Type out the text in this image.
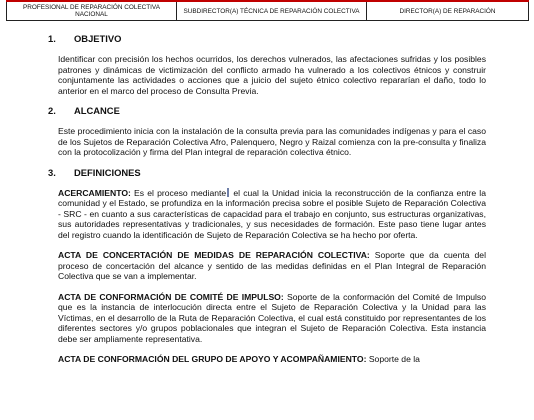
PROFESIONAL DE REPARACIÓN COLECTIVA NACIONAL	SUBDIRECTOR(A) TÉCNICA DE REPARACIÓN COLECTIVA	DIRECTOR(A) DE REPARACIÓN
1. OBJETIVO

Identificar con precisión los hechos ocurridos, los derechos vulnerados, las afectaciones sufridas y los posibles patrones y dinámicas de victimización del conflicto armado ha vulnerado a los colectivos étnicos y construir conjuntamente las actividades o acciones que a juicio del sujeto étnico colectivo repararían el daño, todo lo anterior en el marco del proceso de Consulta Previa.

2. ALCANCE

Este procedimiento inicia con la instalación de la consulta previa para las comunidades indígenas y para el caso de los Sujetos de Reparación Colectiva Afro, Palenquero, Negro y Raizal comienza con la pre-consulta y finaliza con la protocolización y firma del Plan integral de reparación colectiva étnico.

3. DEFINICIONES

ACERCAMIENTO: Es el proceso mediante el cual la Unidad inicia la reconstrucción de la confianza entre la comunidad y el Estado, se profundiza en la información precisa sobre el posible Sujeto de Reparación Colectiva - SRC - en cuanto a sus características de capacidad para el trabajo en conjunto, sus estructuras organizativas, sus autoridades representativas y tradicionales, y sus necesidades de formación. Este paso tiene lugar antes del registro cuando la identificación de Sujeto de Reparación Colectiva se ha hecho por oferta.

ACTA DE CONCERTACIÓN DE MEDIDAS DE REPARACIÓN COLECTIVA: Soporte que da cuenta del proceso de concertación del alcance y sentido de las medidas definidas en el Plan Integral de Reparación Colectiva que se van a implementar.

ACTA DE CONFORMACIÓN DE COMITÉ DE IMPULSO: Soporte de la conformación del Comité de Impulso que es la instancia de interlocución directa entre el Sujeto de Reparación Colectiva y la Unidad para las Víctimas, en el desarrollo de la Ruta de Reparación Colectiva, el cual está constituido por representantes de los diferentes sectores y/o grupos poblacionales que integran el Sujeto de Reparación Colectiva. Esta instancia debe ser ampliamente representativa.

ACTA DE CONFORMACIÓN DEL GRUPO DE APOYO Y ACOMPAÑAMIENTO: Soporte de la
